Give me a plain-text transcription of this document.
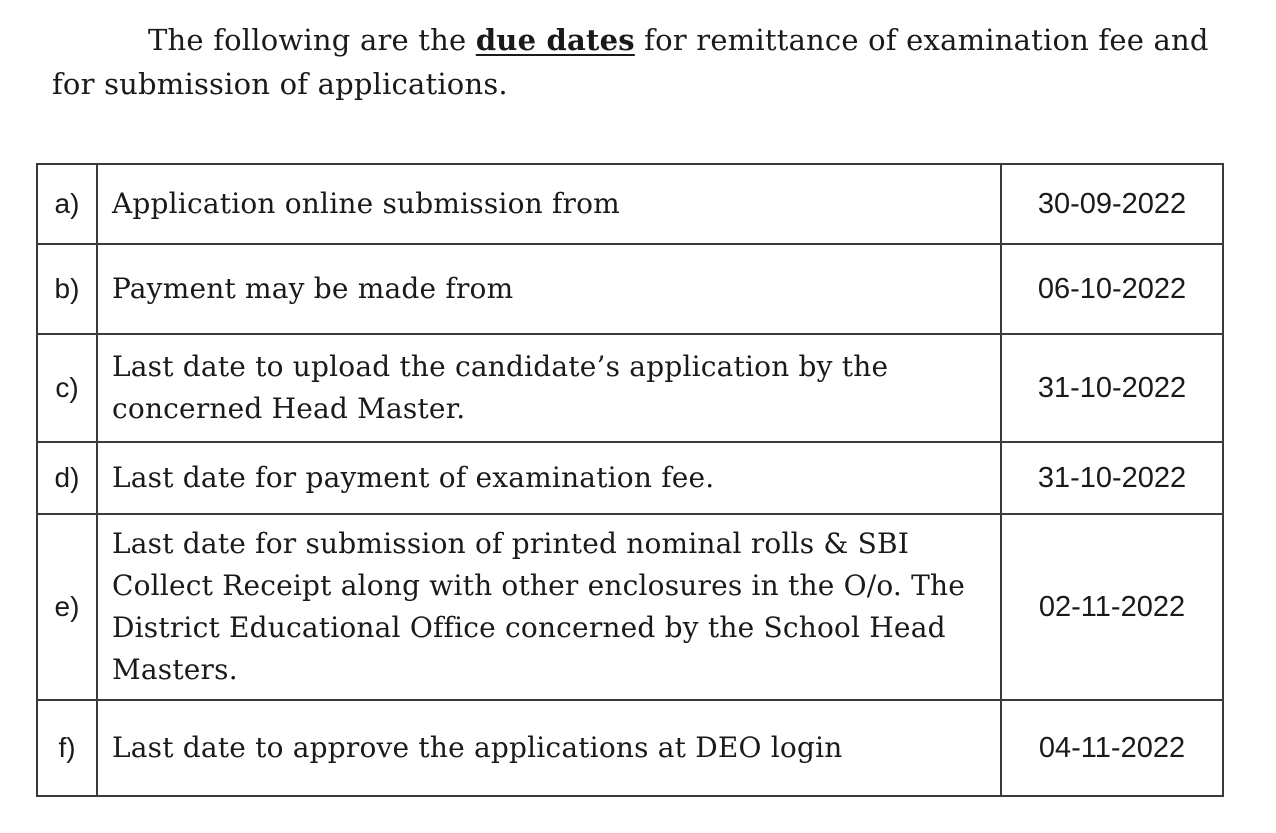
The following are the due dates for remittance of examination fee and for submission of applications.

a)	Application online submission from	30-09-2022
b)	Payment may be made from	06-10-2022
c)	Last date to upload the candidate’s application by the concerned Head Master.	31-10-2022
d)	Last date for payment of examination fee.	31-10-2022
e)	Last date for submission of printed nominal rolls & SBI Collect Receipt along with other enclosures in the O/o. The District Educational Office concerned by the School Head Masters.	02-11-2022
f)	Last date to approve the applications at DEO login	04-11-2022
